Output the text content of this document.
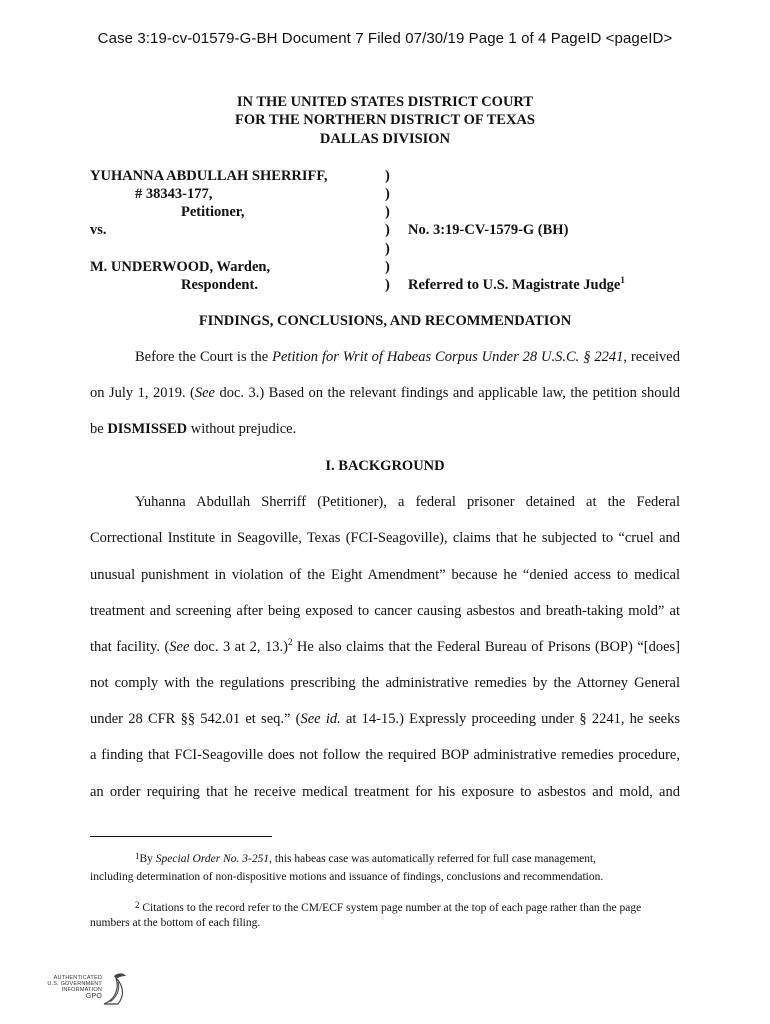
Case 3:19-cv-01579-G-BH Document 7 Filed 07/30/19 Page 1 of 4 PageID <pageID>
IN THE UNITED STATES DISTRICT COURT
FOR THE NORTHERN DISTRICT OF TEXAS
DALLAS DIVISION
YUHANNA ABDULLAH SHERRIFF,
# 38343-177,
Petitioner,
vs.
M. UNDERWOOD, Warden,
Respondent.
)
)
)
)
)
)
)
No. 3:19-CV-1579-G (BH)
Referred to U.S. Magistrate Judge$^1$
FINDINGS, CONCLUSIONS, AND RECOMMENDATION
Before the Court is the Petition for Writ of Habeas Corpus Under 28 U.S.C. § 2241, received
on July 1, 2019. (See doc. 3.) Based on the relevant findings and applicable law, the petition should
be DISMISSED without prejudice.
I. BACKGROUND
Yuhanna Abdullah Sherriff (Petitioner), a federal prisoner detained at the Federal
Correctional Institute in Seagoville, Texas (FCI-Seagoville), claims that he subjected to “cruel and
unusual punishment in violation of the Eight Amendment” because he “denied access to medical
treatment and screening after being exposed to cancer causing asbestos and breath-taking mold” at
that facility. (See doc. 3 at 2, 13.)$^2$ He also claims that the Federal Bureau of Prisons (BOP) “[does]
not comply with the regulations prescribing the administrative remedies by the Attorney General
under 28 CFR §§ 542.01 et seq.” (See id. at 14-15.) Expressly proceeding under § 2241, he seeks
a finding that FCI-Seagoville does not follow the required BOP administrative remedies procedure,
an order requiring that he receive medical treatment for his exposure to asbestos and mold, and
$^1$By Special Order No. 3-251, this habeas case was automatically referred for full case management,
including determination of non-dispositive motions and issuance of findings, conclusions and recommendation.
$^2$ Citations to the record refer to the CM/ECF system page number at the top of each page rather than the page
numbers at the bottom of each filing.
AUTHENTICATED
U.S. GOVERNMENT
INFORMATION
GPO
